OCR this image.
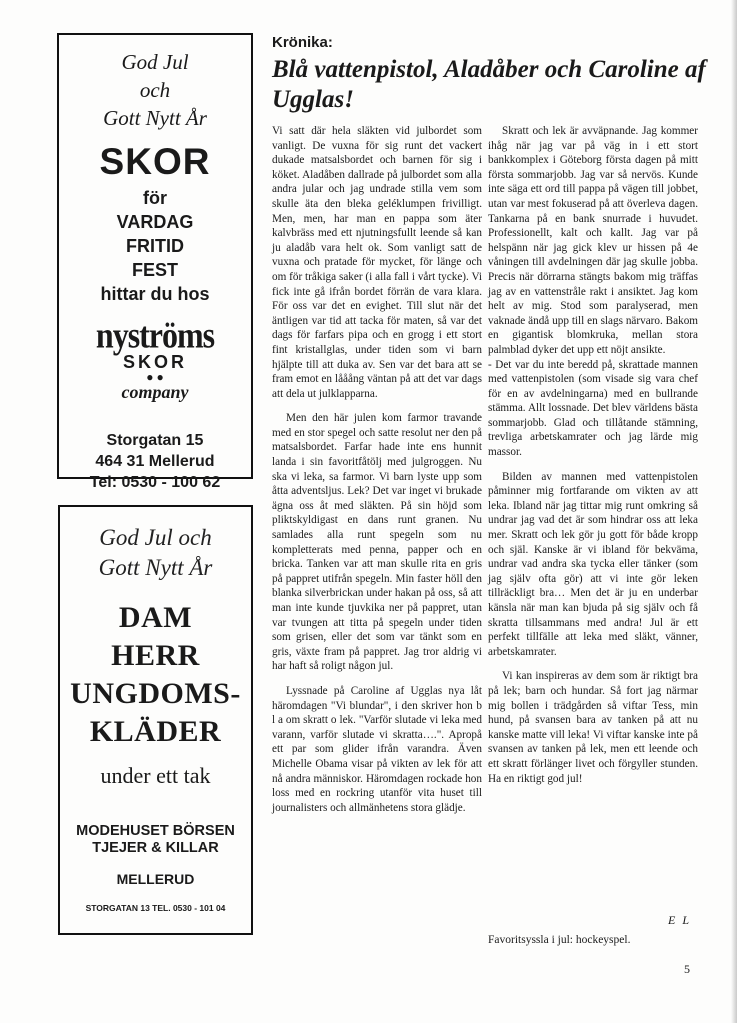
God Jul
och
Gott Nytt År
SKOR
för
VARDAG
FRITID
FEST
hittar du hos
nyströms
SKOR
● ●
company
Storgatan 15
464 31 Mellerud
Tel: 0530 - 100 62
God Jul och
Gott Nytt År
DAM
HERR
UNGDOMS-
KLÄDER
under ett tak
MODEHUSET BÖRSEN
TJEJER & KILLAR
MELLERUD
STORGATAN 13 TEL. 0530 - 101 04
Krönika:
Blå vattenpistol, Aladåber och Caroline af Ugglas!

Vi satt där hela släkten vid julbordet som vanligt. De vuxna för sig runt det vackert dukade matsalsbordet och barnen för sig i köket. Aladåben dallrade på julbordet som alla andra jular och jag undrade stilla vem som skulle äta den bleka geléklumpen frivilligt. Men, men, har man en pappa som äter kalvbräss med ett njutningsfullt leende så kan ju aladåb vara helt ok. Som vanligt satt de vuxna och pratade för mycket, för länge och om för tråkiga saker (i alla fall i vårt tycke). Vi fick inte gå ifrån bordet förrän de vara klara. För oss var det en evighet. Till slut när det äntligen var tid att tacka för maten, så var det dags för farfars pipa och en grogg i ett stort fint kristallglas, under tiden som vi barn hjälpte till att duka av. Sen var det bara att se fram emot en lååång väntan på att det var dags att dela ut julklapparna.

Men den här julen kom farmor travande med en stor spegel och satte resolut ner den på matsalsbordet. Farfar hade inte ens hunnit landa i sin favoritfåtölj med julgroggen. Nu ska vi leka, sa farmor. Vi barn lyste upp som åtta adventsljus. Lek? Det var inget vi brukade ägna oss åt med släkten. På sin höjd som pliktskyldigast en dans runt granen. Nu samlades alla runt spegeln som nu kompletterats med penna, papper och en bricka. Tanken var att man skulle rita en gris på pappret utifrån spegeln. Min faster höll den blanka silverbrickan under hakan på oss, så att man inte kunde tjuvkika ner på pappret, utan var tvungen att titta på spegeln under tiden som grisen, eller det som var tänkt som en gris, växte fram på pappret. Jag tror aldrig vi har haft så roligt någon jul.

Lyssnade på Caroline af Ugglas nya låt häromdagen "Vi blundar", i den skriver hon b l a om skratt o lek. "Varför slutade vi leka med varann, varför slutade vi skratta….". Apropå ett par som glider ifrån varandra. Även Michelle Obama visar på vikten av lek för att nå andra människor. Häromdagen rockade hon loss med en rockring utanför vita huset till journalisters och allmänhetens stora glädje.

Skratt och lek är avväpnande. Jag kommer ihåg när jag var på väg in i ett stort bankkomplex i Göteborg första dagen på mitt första sommarjobb. Jag var så nervös. Kunde inte säga ett ord till pappa på vägen till jobbet, utan var mest fokuserad på att överleva dagen. Tankarna på en bank snurrade i huvudet. Professionellt, kalt och kallt. Jag var på helspänn när jag gick klev ur hissen på 4e våningen till avdelningen där jag skulle jobba. Precis när dörrarna stängts bakom mig träffas jag av en vattenstråle rakt i ansiktet. Jag kom helt av mig. Stod som paralyserad, men vaknade ändå upp till en slags närvaro. Bakom en gigantisk blomkruka, mellan stora palmblad dyker det upp ett nöjt ansikte.

- Det var du inte beredd på, skrattade mannen med vattenpistolen (som visade sig vara chef för en av avdelningarna) med en bullrande stämma. Allt lossnade. Det blev världens bästa sommarjobb. Glad och tillåtande stämning, trevliga arbetskamrater och jag lärde mig massor.

Bilden av mannen med vattenpistolen påminner mig fortfarande om vikten av att leka. Ibland när jag tittar mig runt omkring så undrar jag vad det är som hindrar oss att leka mer. Skratt och lek gör ju gott för både kropp och själ. Kanske är vi ibland för bekväma, undrar vad andra ska tycka eller tänker (som jag själv ofta gör) att vi inte gör leken tillräckligt bra… Men det är ju en underbar känsla när man kan bjuda på sig själv och få skratta tillsammans med andra! Jul är ett perfekt tillfälle att leka med släkt, vänner, arbetskamrater.

Vi kan inspireras av dem som är riktigt bra på lek; barn och hundar. Så fort jag närmar mig bollen i trädgården så viftar Tess, min hund, på svansen bara av tanken på att nu kanske matte vill leka! Vi viftar kanske inte på svansen av tanken på lek, men ett leende och ett skratt förlänger livet och förgyller stunden. Ha en riktigt god jul!

E L
Favoritsyssla i jul: hockeyspel.
5
